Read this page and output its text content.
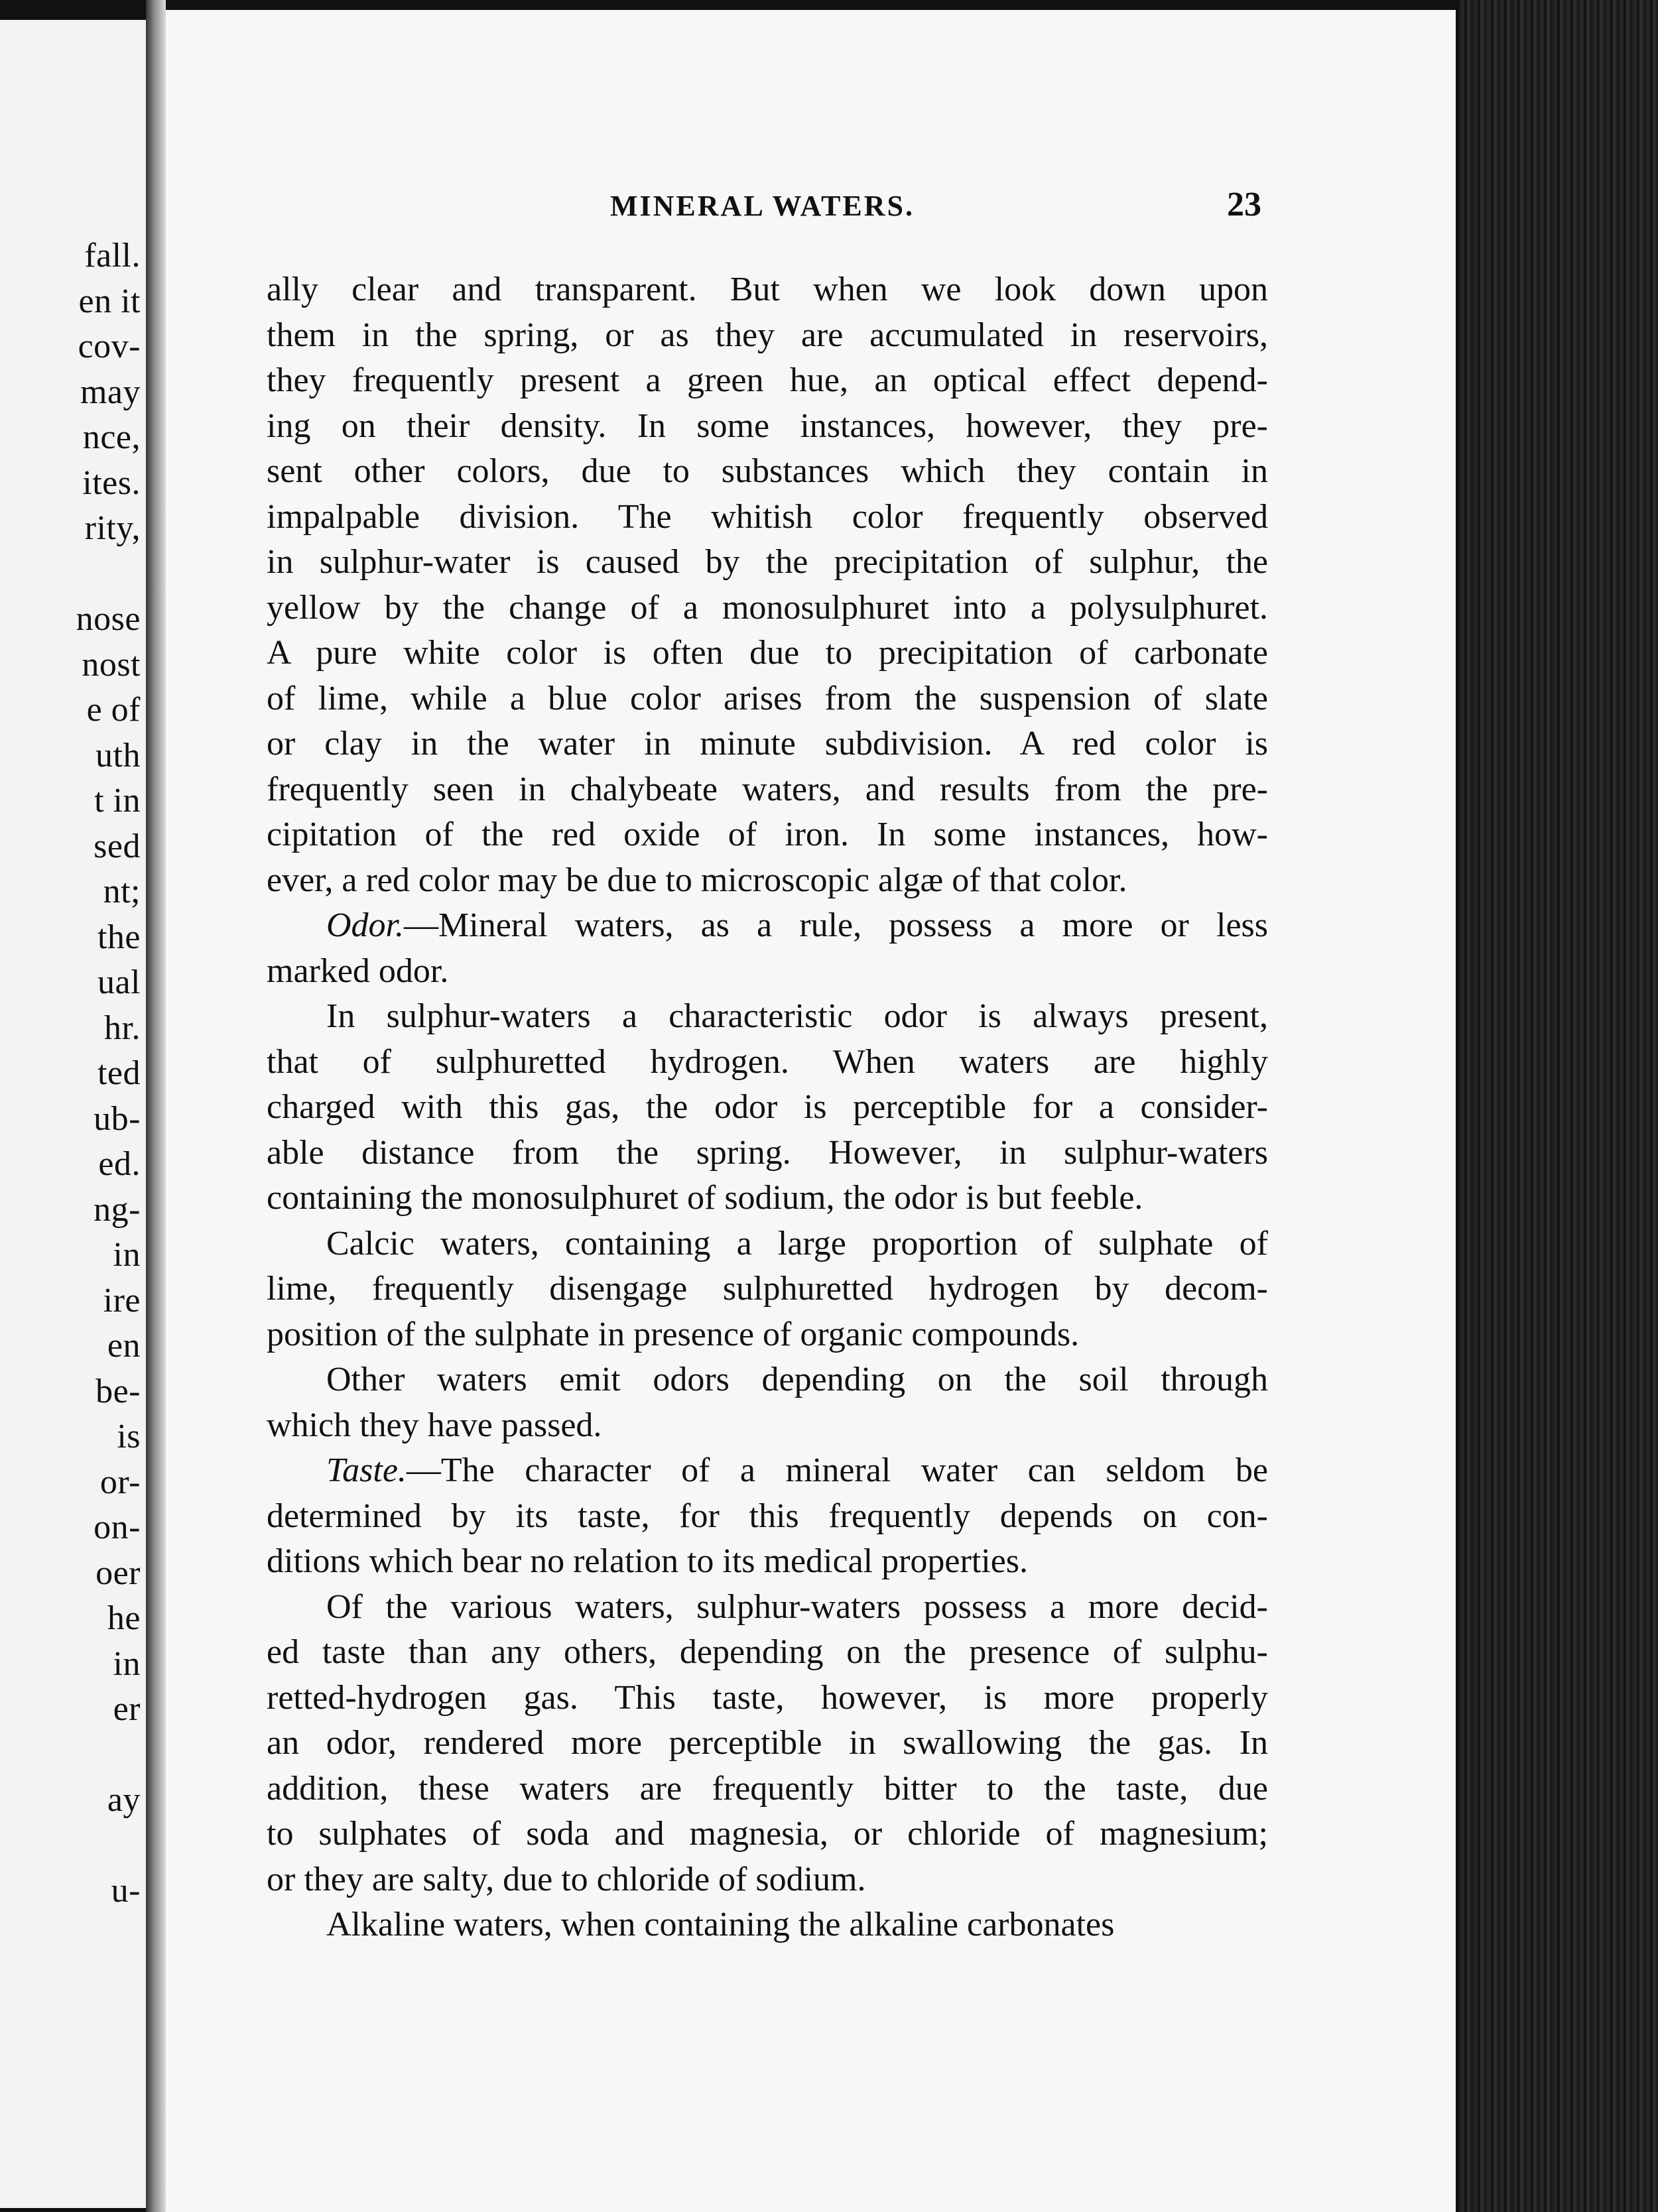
fall.
en it
cov-
may
nce,
ites.
rity,
nose
nost
e of
uth
t in
sed
nt;
the
ual
hr.
ted
ub-
ed.
ng-
in
ire
en
be-
is
or-
on-
oer
he
in
er
ay
u-
MINERAL WATERS.	23
ally clear and transparent. But when we look down upon
them in the spring, or as they are accumulated in reservoirs,
they frequently present a green hue, an optical effect depend-
ing on their density. In some instances, however, they pre-
sent other colors, due to substances which they contain in
impalpable division. The whitish color frequently observed
in sulphur-water is caused by the precipitation of sulphur, the
yellow by the change of a monosulphuret into a polysulphuret.
A pure white color is often due to precipitation of carbonate
of lime, while a blue color arises from the suspension of slate
or clay in the water in minute subdivision. A red color is
frequently seen in chalybeate waters, and results from the pre-
cipitation of the red oxide of iron. In some instances, how-
ever, a red color may be due to microscopic algæ of that color.
Odor.—Mineral waters, as a rule, possess a more or less
marked odor.
In sulphur-waters a characteristic odor is always present,
that of sulphuretted hydrogen. When waters are highly
charged with this gas, the odor is perceptible for a consider-
able distance from the spring. However, in sulphur-waters
containing the monosulphuret of sodium, the odor is but feeble.
Calcic waters, containing a large proportion of sulphate of
lime, frequently disengage sulphuretted hydrogen by decom-
position of the sulphate in presence of organic compounds.
Other waters emit odors depending on the soil through
which they have passed.
Taste.—The character of a mineral water can seldom be
determined by its taste, for this frequently depends on con-
ditions which bear no relation to its medical properties.
Of the various waters, sulphur-waters possess a more decid-
ed taste than any others, depending on the presence of sulphu-
retted-hydrogen gas. This taste, however, is more properly
an odor, rendered more perceptible in swallowing the gas. In
addition, these waters are frequently bitter to the taste, due
to sulphates of soda and magnesia, or chloride of magnesium;
or they are salty, due to chloride of sodium.
Alkaline waters, when containing the alkaline carbonates
